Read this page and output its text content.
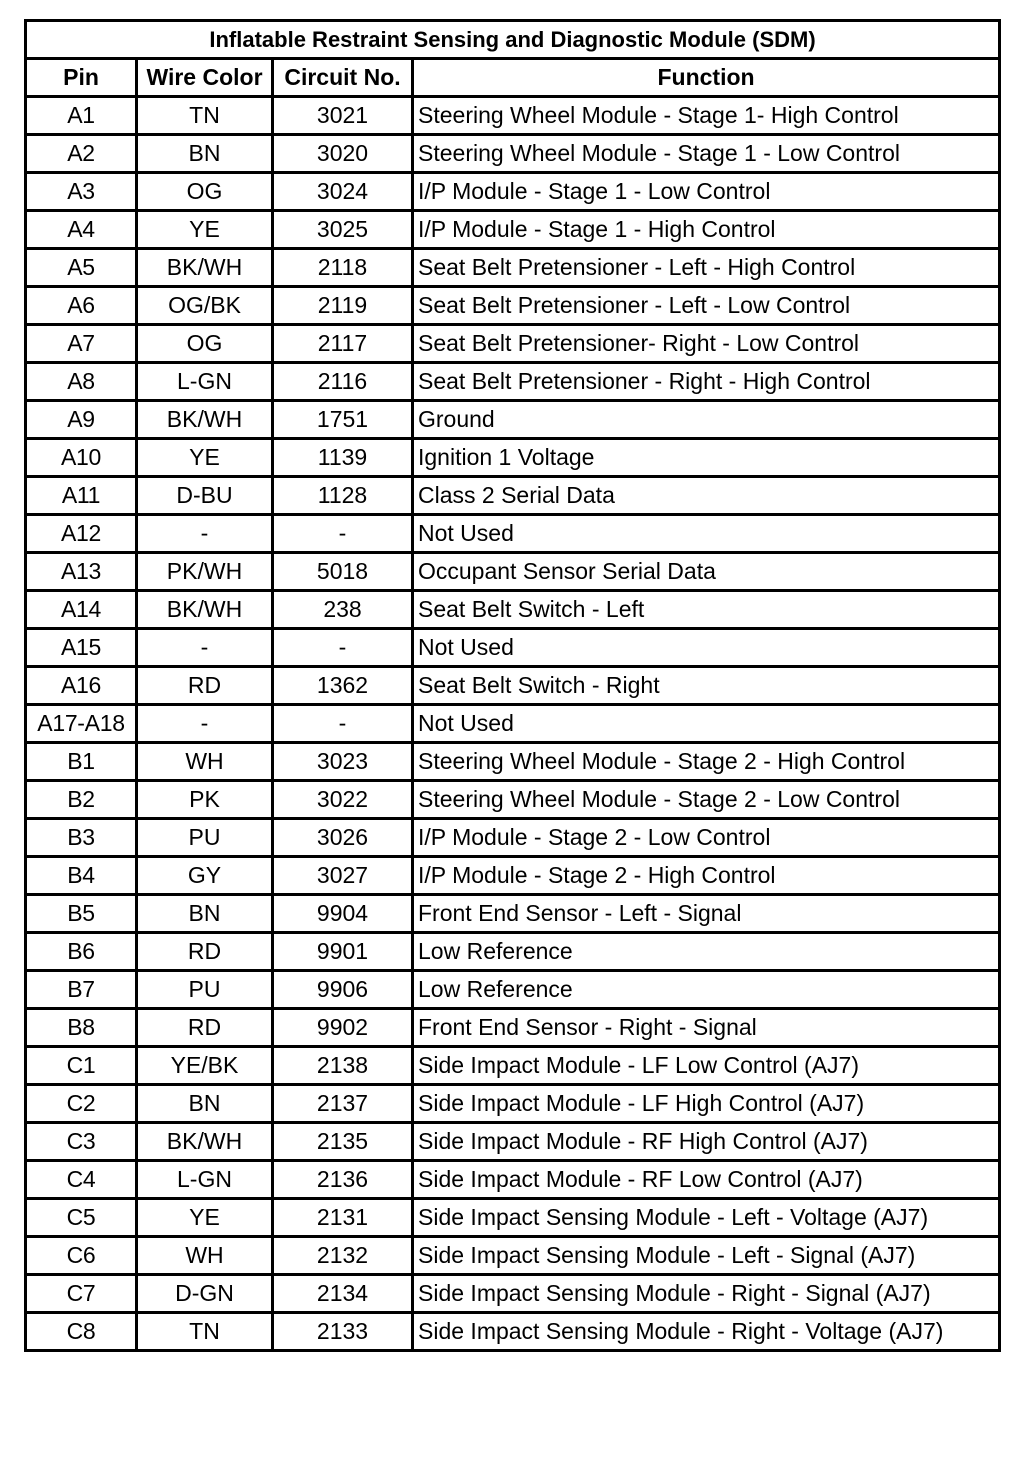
Inflatable Restraint Sensing and Diagnostic Module (SDM)			
Pin	Wire Color	Circuit No.	Function
A1	TN	3021	Steering Wheel Module - Stage 1- High Control
A2	BN	3020	Steering Wheel Module - Stage 1 - Low Control
A3	OG	3024	I/P Module - Stage 1 - Low Control
A4	YE	3025	I/P Module - Stage 1 - High Control
A5	BK/WH	2118	Seat Belt Pretensioner - Left - High Control
A6	OG/BK	2119	Seat Belt Pretensioner - Left - Low Control
A7	OG	2117	Seat Belt Pretensioner- Right - Low Control
A8	L-GN	2116	Seat Belt Pretensioner - Right - High Control
A9	BK/WH	1751	Ground
A10	YE	1139	Ignition 1 Voltage
A11	D-BU	1128	Class 2 Serial Data
A12	-	-	Not Used
A13	PK/WH	5018	Occupant Sensor Serial Data
A14	BK/WH	238	Seat Belt Switch - Left
A15	-	-	Not Used
A16	RD	1362	Seat Belt Switch - Right
A17-A18	-	-	Not Used
B1	WH	3023	Steering Wheel Module - Stage 2 - High Control
B2	PK	3022	Steering Wheel Module - Stage 2 - Low Control
B3	PU	3026	I/P Module - Stage 2 - Low Control
B4	GY	3027	I/P Module - Stage 2 - High Control
B5	BN	9904	Front End Sensor - Left - Signal
B6	RD	9901	Low Reference
B7	PU	9906	Low Reference
B8	RD	9902	Front End Sensor - Right - Signal
C1	YE/BK	2138	Side Impact Module - LF Low Control (AJ7)
C2	BN	2137	Side Impact Module - LF High Control (AJ7)
C3	BK/WH	2135	Side Impact Module - RF High Control (AJ7)
C4	L-GN	2136	Side Impact Module - RF Low Control (AJ7)
C5	YE	2131	Side Impact Sensing Module - Left - Voltage (AJ7)
C6	WH	2132	Side Impact Sensing Module - Left - Signal (AJ7)
C7	D-GN	2134	Side Impact Sensing Module - Right - Signal (AJ7)
C8	TN	2133	Side Impact Sensing Module - Right - Voltage (AJ7)
